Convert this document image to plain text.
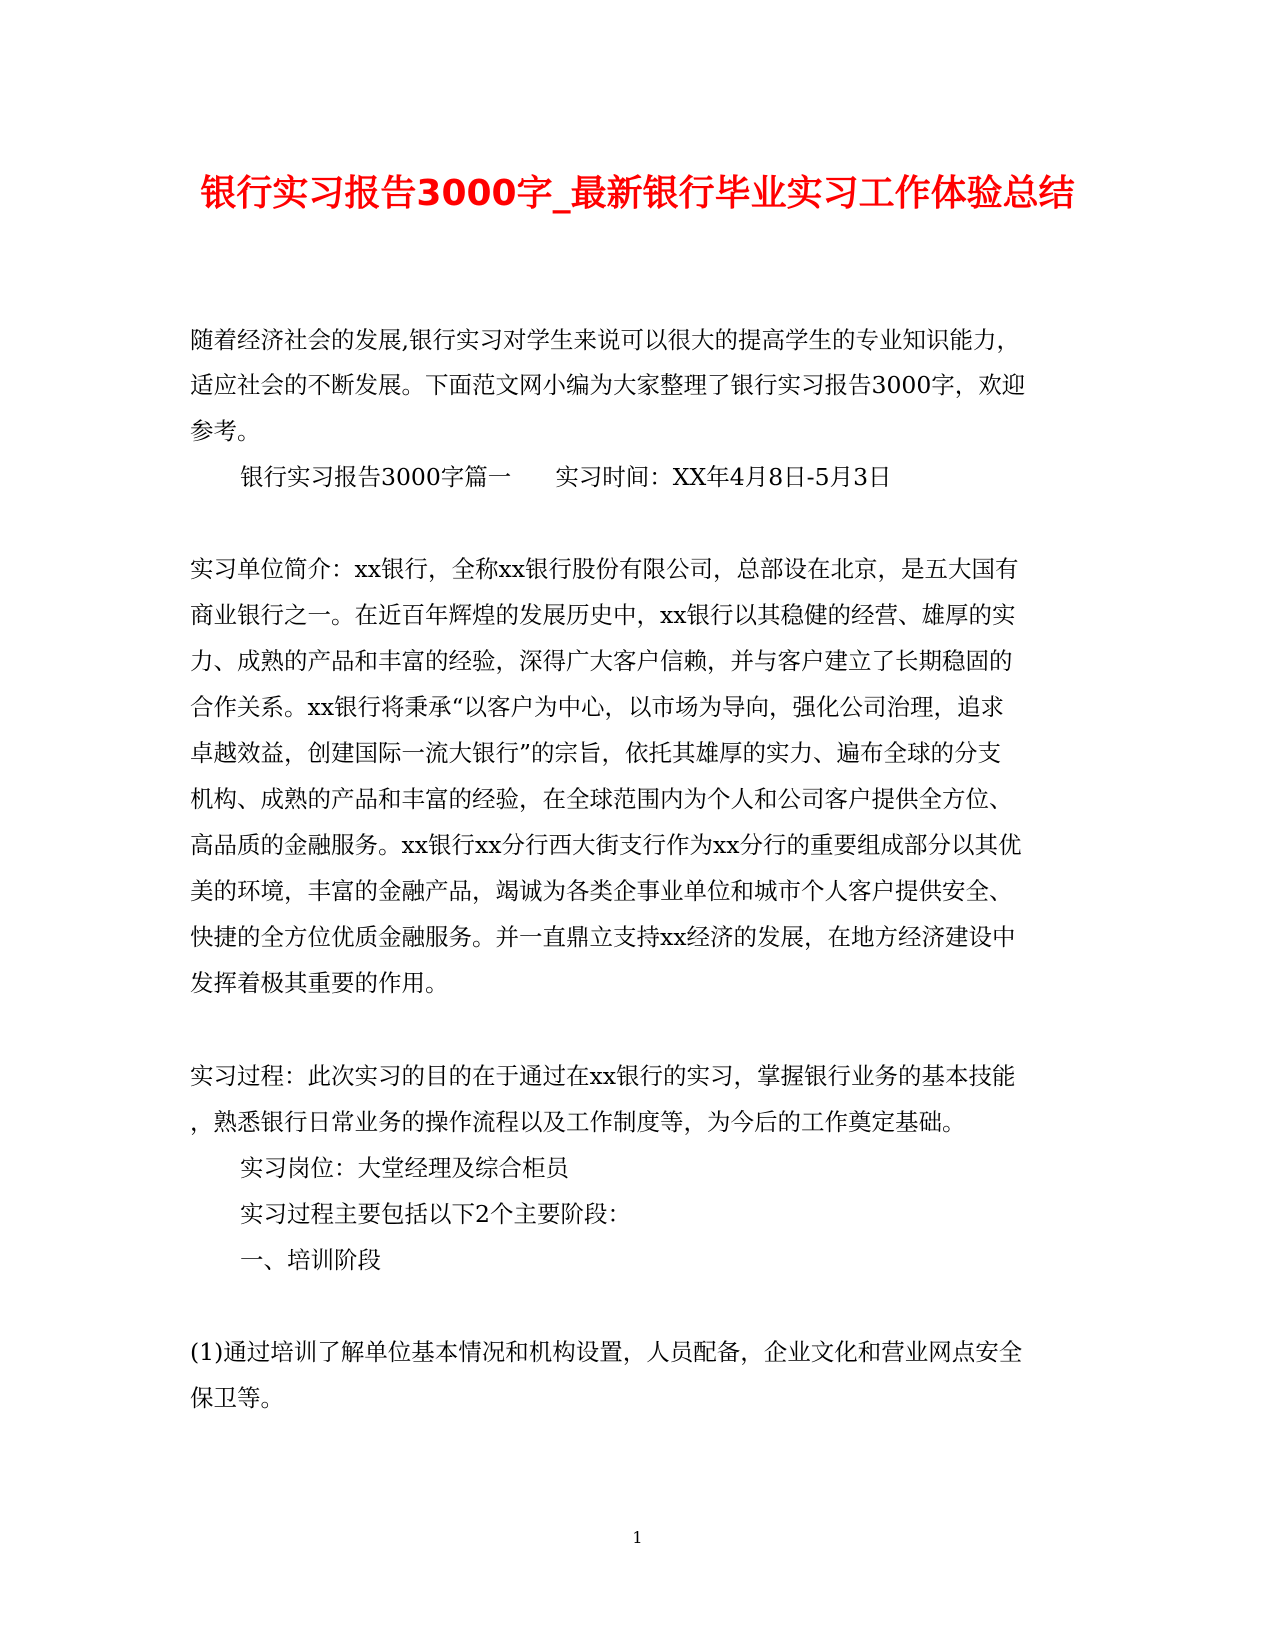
银行实习报告3000字_最新银行毕业实习工作体验总结
随着经济社会的发展,银行实习对学生来说可以很大的提高学生的专业知识能力，
适应社会的不断发展。下面范文网小编为大家整理了银行实习报告3000字，欢迎
参考。
银行实习报告3000字篇一 实习时间：XX年4月8日-5月3日
实习单位简介：xx银行，全称xx银行股份有限公司，总部设在北京，是五大国有
商业银行之一。在近百年辉煌的发展历史中，xx银行以其稳健的经营、雄厚的实
力、成熟的产品和丰富的经验，深得广大客户信赖，并与客户建立了长期稳固的
合作关系。xx银行将秉承“以客户为中心，以市场为导向，强化公司治理，追求
卓越效益，创建国际一流大银行”的宗旨，依托其雄厚的实力、遍布全球的分支
机构、成熟的产品和丰富的经验，在全球范围内为个人和公司客户提供全方位、
高品质的金融服务。xx银行xx分行西大街支行作为xx分行的重要组成部分以其优
美的环境，丰富的金融产品，竭诚为各类企事业单位和城市个人客户提供安全、
快捷的全方位优质金融服务。并一直鼎立支持xx经济的发展，在地方经济建设中
发挥着极其重要的作用。
实习过程：此次实习的目的在于通过在xx银行的实习，掌握银行业务的基本技能
，熟悉银行日常业务的操作流程以及工作制度等，为今后的工作奠定基础。
实习岗位：大堂经理及综合柜员
实习过程主要包括以下2个主要阶段：
一、培训阶段
(1)通过培训了解单位基本情况和机构设置，人员配备，企业文化和营业网点安全
保卫等。
1
